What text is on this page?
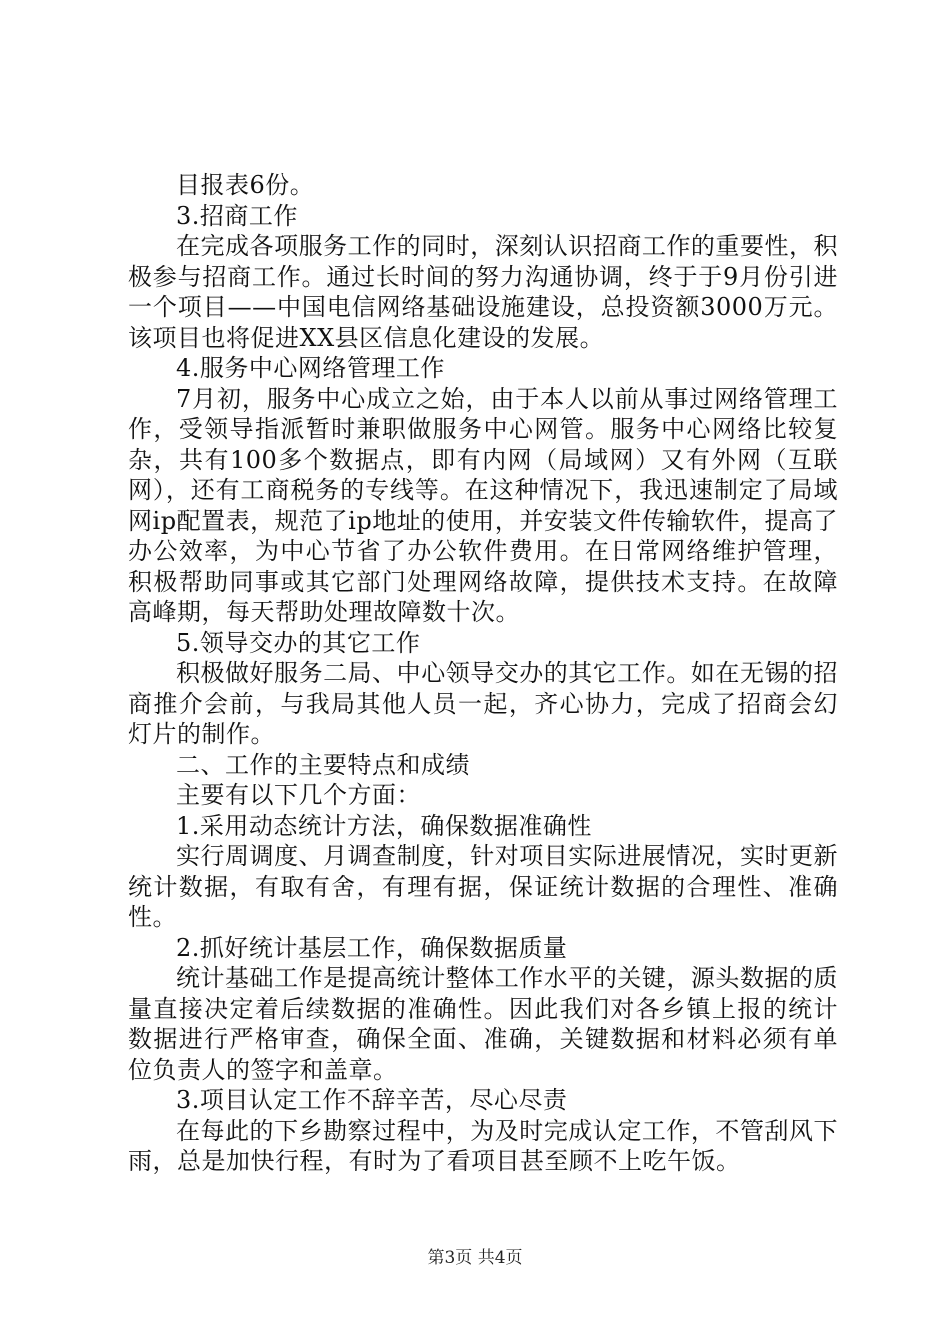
目报表6份。

3.招商工作

在完成各项服务工作的同时，深刻认识招商工作的重要性，积极参与招商工作。通过长时间的努力沟通协调，终于于9月份引进一个项目——中国电信网络基础设施建设，总投资额3000万元。该项目也将促进XX县区信息化建设的发展。

4.服务中心网络管理工作

7月初，服务中心成立之始，由于本人以前从事过网络管理工作，受领导指派暂时兼职做服务中心网管。服务中心网络比较复杂，共有100多个数据点，即有内网（局域网）又有外网（互联网），还有工商税务的专线等。在这种情况下，我迅速制定了局域网ip配置表，规范了ip地址的使用，并安装文件传输软件，提高了办公效率，为中心节省了办公软件费用。在日常网络维护管理，积极帮助同事或其它部门处理网络故障，提供技术支持。在故障高峰期，每天帮助处理故障数十次。

5.领导交办的其它工作

积极做好服务二局、中心领导交办的其它工作。如在无锡的招商推介会前，与我局其他人员一起，齐心协力，完成了招商会幻灯片的制作。

二、工作的主要特点和成绩

主要有以下几个方面：

1.采用动态统计方法，确保数据准确性

实行周调度、月调查制度，针对项目实际进展情况，实时更新统计数据，有取有舍，有理有据，保证统计数据的合理性、准确性。

2.抓好统计基层工作，确保数据质量

统计基础工作是提高统计整体工作水平的关键，源头数据的质量直接决定着后续数据的准确性。因此我们对各乡镇上报的统计数据进行严格审查，确保全面、准确，关键数据和材料必须有单位负责人的签字和盖章。

3.项目认定工作不辞辛苦，尽心尽责

在每此的下乡勘察过程中，为及时完成认定工作，不管刮风下雨，总是加快行程，有时为了看项目甚至顾不上吃午饭。

第3页 共4页
